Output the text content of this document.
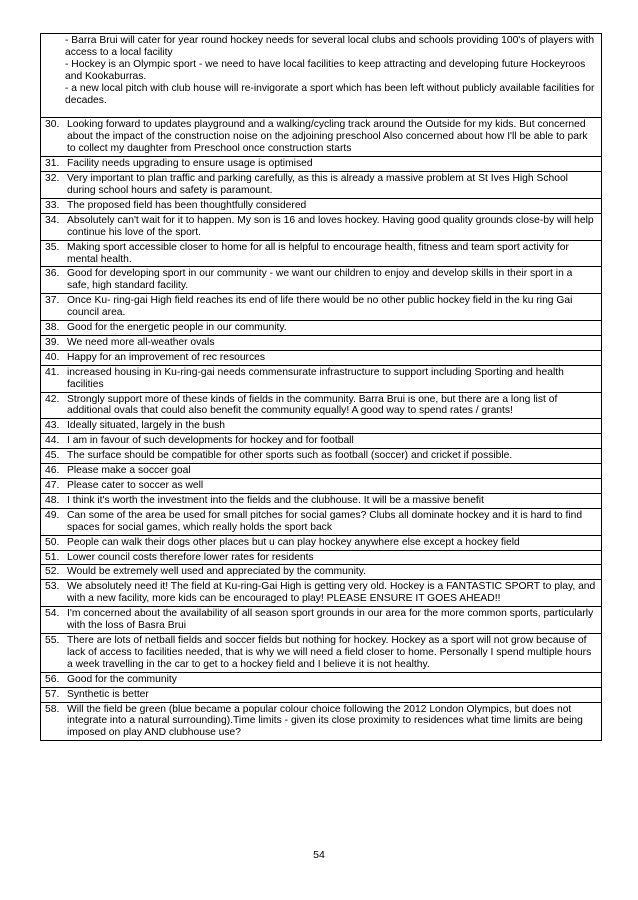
- Barra Brui will cater for year round hockey needs for several local clubs and schools providing 100's of players with access to a local facility

- Hockey is an Olympic sport - we need to have local facilities to keep attracting and developing future Hockeyroos and Kookaburras.

- a new local pitch with club house will re-invigorate a sport which has been left without publicly available facilities for decades.

30. Looking forward to updates playground and a walking/cycling track around the Outside for my kids. But concerned about the impact of the construction noise on the adjoining preschool Also concerned about how I'll be able to park to collect my daughter from Preschool once construction starts

31. Facility needs upgrading to ensure usage is optimised

32. Very important to plan traffic and parking carefully, as this is already a massive problem at St Ives High School during school hours and safety is paramount.

33. The proposed field has been thoughtfully considered

34. Absolutely can't wait for it to happen. My son is 16 and loves hockey. Having good quality grounds close-by will help continue his love of the sport.

35. Making sport accessible closer to home for all is helpful to encourage health, fitness and team sport activity for mental health.

36. Good for developing sport in our community - we want our children to enjoy and develop skills in their sport in a safe, high standard facility.

37. Once Ku- ring-gai High field reaches its end of life there would be no other public hockey field in the ku ring Gai council area.

38. Good for the energetic people in our community.

39. We need more all-weather ovals

40. Happy for an improvement of rec resources

41. increased housing in Ku-ring-gai needs commensurate infrastructure to support including Sporting and health facilities

42. Strongly support more of these kinds of fields in the community. Barra Brui is one, but there are a long list of additional ovals that could also benefit the community equally! A good way to spend rates / grants!

43. Ideally situated, largely in the bush

44. I am in favour of such developments for hockey and for football

45. The surface should be compatible for other sports such as football (soccer) and cricket if possible.

46. Please make a soccer goal

47. Please cater to soccer as well

48. I think it's worth the investment into the fields and the clubhouse. It will be a massive benefit

49. Can some of the area be used for small pitches for social games? Clubs all dominate hockey and it is hard to find spaces for social games, which really holds the sport back

50. People can walk their dogs other places but u can play hockey anywhere else except a hockey field

51. Lower council costs therefore lower rates for residents

52. Would be extremely well used and appreciated by the community.

53. We absolutely need it! The field at Ku-ring-Gai High is getting very old. Hockey is a FANTASTIC SPORT to play, and with a new facility, more kids can be encouraged to play! PLEASE ENSURE IT GOES AHEAD!!

54. I'm concerned about the availability of all season sport grounds in our area for the more common sports, particularly with the loss of Basra Brui

55. There are lots of netball fields and soccer fields but nothing for hockey. Hockey as a sport will not grow because of lack of access to facilities needed, that is why we will need a field closer to home. Personally I spend multiple hours a week travelling in the car to get to a hockey field and I believe it is not healthy.

56. Good for the community

57. Synthetic is better

58. Will the field be green (blue became a popular colour choice following the 2012 London Olympics, but does not integrate into a natural surrounding).Time limits - given its close proximity to residences what time limits are being imposed on play AND clubhouse use?
54
